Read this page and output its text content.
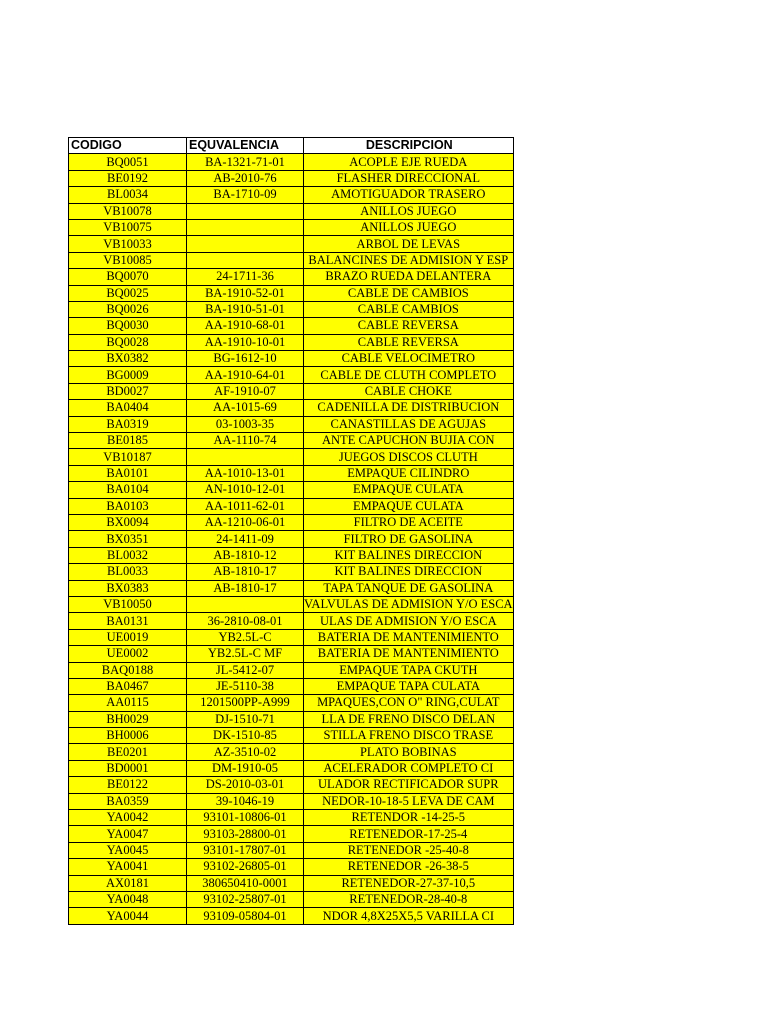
CODIGO	EQUVALENCIA	DESCRIPCION
BQ0051	BA-1321-71-01	ACOPLE EJE RUEDA
BE0192	AB-2010-76	FLASHER DIRECCIONAL
BL0034	BA-1710-09	AMOTIGUADOR TRASERO
VB10078		ANILLOS JUEGO
VB10075		ANILLOS JUEGO
VB10033		ARBOL DE LEVAS
VB10085		BALANCINES DE ADMISION Y ESP
BQ0070	24-1711-36	BRAZO RUEDA DELANTERA
BQ0025	BA-1910-52-01	CABLE DE CAMBIOS
BQ0026	BA-1910-51-01	CABLE CAMBIOS
BQ0030	AA-1910-68-01	CABLE REVERSA
BQ0028	AA-1910-10-01	CABLE REVERSA
BX0382	BG-1612-10	CABLE VELOCIMETRO
BG0009	AA-1910-64-01	CABLE DE CLUTH COMPLETO
BD0027	AF-1910-07	CABLE CHOKE
BA0404	AA-1015-69	CADENILLA DE DISTRIBUCION
BA0319	03-1003-35	CANASTILLAS DE AGUJAS
BE0185	AA-1110-74	ANTE CAPUCHON BUJIA CON
VB10187		JUEGOS DISCOS CLUTH
BA0101	AA-1010-13-01	EMPAQUE CILINDRO
BA0104	AN-1010-12-01	EMPAQUE CULATA
BA0103	AA-1011-62-01	EMPAQUE CULATA
BX0094	AA-1210-06-01	FILTRO DE ACEITE
BX0351	24-1411-09	FILTRO DE GASOLINA
BL0032	AB-1810-12	KIT BALINES DIRECCION
BL0033	AB-1810-17	KIT BALINES DIRECCION
BX0383	AB-1810-17	TAPA TANQUE DE GASOLINA
VB10050		VALVULAS DE ADMISION Y/O ESCA
BA0131	36-2810-08-01	ULAS DE ADMISION Y/O ESCA
UE0019	YB2.5L-C	BATERIA DE MANTENIMIENTO
UE0002	YB2.5L-C MF	BATERIA DE MANTENIMIENTO
BAQ0188	JL-5412-07	EMPAQUE TAPA CKUTH
BA0467	JE-5110-38	EMPAQUE TAPA CULATA
AA0115	1201500PP-A999	MPAQUES,CON O" RING,CULAT
BH0029	DJ-1510-71	LLA DE FRENO DISCO DELAN
BH0006	DK-1510-85	STILLA FRENO DISCO TRASE
BE0201	AZ-3510-02	PLATO BOBINAS
BD0001	DM-1910-05	ACELERADOR COMPLETO CI
BE0122	DS-2010-03-01	ULADOR RECTIFICADOR SUPR
BA0359	39-1046-19	NEDOR-10-18-5 LEVA DE CAM
YA0042	93101-10806-01	RETENDOR -14-25-5
YA0047	93103-28800-01	RETENEDOR-17-25-4
YA0045	93101-17807-01	RETENEDOR -25-40-8
YA0041	93102-26805-01	RETENEDOR -26-38-5
AX0181	380650410-0001	RETENEDOR-27-37-10,5
YA0048	93102-25807-01	RETENEDOR-28-40-8
YA0044	93109-05804-01	NDOR 4,8X25X5,5 VARILLA CI
